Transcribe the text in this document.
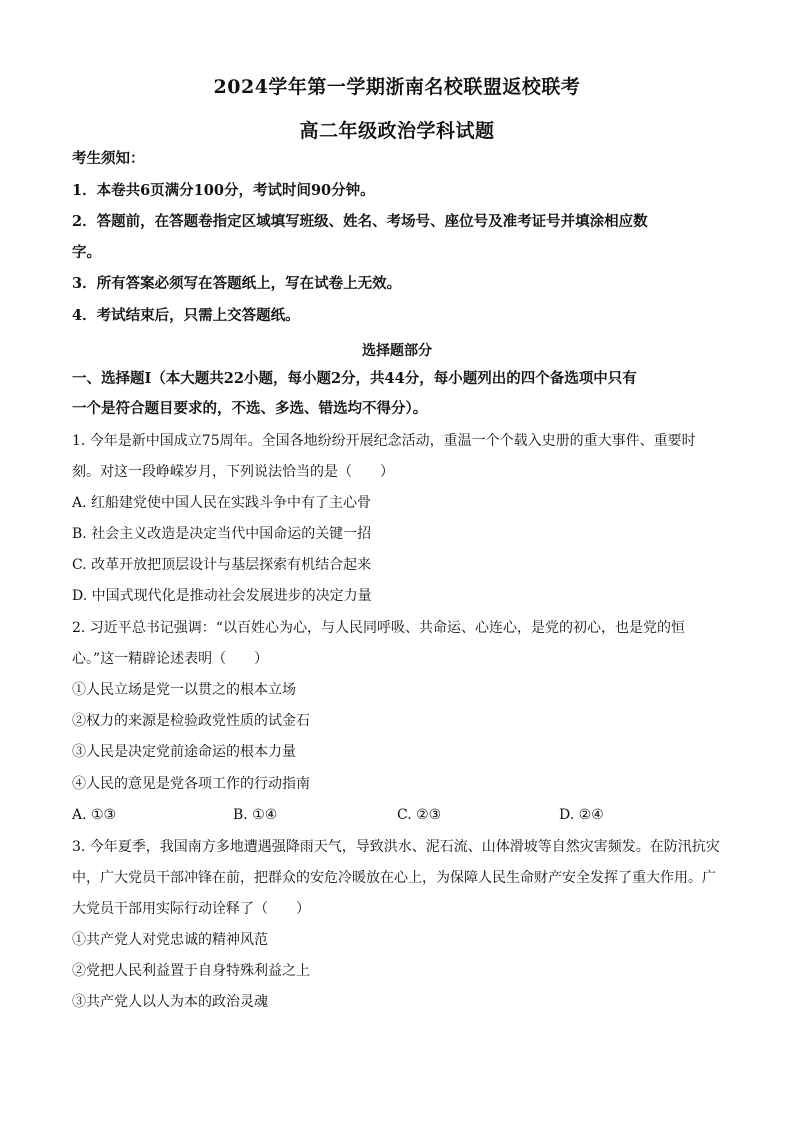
2024学年第一学期浙南名校联盟返校联考
高二年级政治学科试题
考生须知：
1．本卷共6页满分100分，考试时间90分钟。
2．答题前，在答题卷指定区域填写班级、姓名、考场号、座位号及准考证号并填涂相应数
字。
3．所有答案必须写在答题纸上，写在试卷上无效。
4．考试结束后，只需上交答题纸。
选择题部分
一、选择题Ⅰ（本大题共22小题，每小题2分，共44分，每小题列出的四个备选项中只有
一个是符合题目要求的，不选、多选、错选均不得分）。
1. 今年是新中国成立75周年。全国各地纷纷开展纪念活动，重温一个个载入史册的重大事件、重要时
刻。对这一段峥嵘岁月，下列说法恰当的是（　　）
A. 红船建党使中国人民在实践斗争中有了主心骨
B. 社会主义改造是决定当代中国命运的关键一招
C. 改革开放把顶层设计与基层探索有机结合起来
D. 中国式现代化是推动社会发展进步的决定力量
2. 习近平总书记强调：“以百姓心为心，与人民同呼吸、共命运、心连心，是党的初心，也是党的恒
心。”这一精辟论述表明（　　）
①人民立场是党一以贯之的根本立场
②权力的来源是检验政党性质的试金石
③人民是决定党前途命运的根本力量
④人民的意见是党各项工作的行动指南
A. ①③	B. ①④	C. ②③	D. ②④
3. 今年夏季，我国南方多地遭遇强降雨天气，导致洪水、泥石流、山体滑坡等自然灾害频发。在防汛抗灾
中，广大党员干部冲锋在前，把群众的安危冷暖放在心上，为保障人民生命财产安全发挥了重大作用。广
大党员干部用实际行动诠释了（　　）
①共产党人对党忠诚的精神风范
②党把人民利益置于自身特殊利益之上
③共产党人以人为本的政治灵魂
